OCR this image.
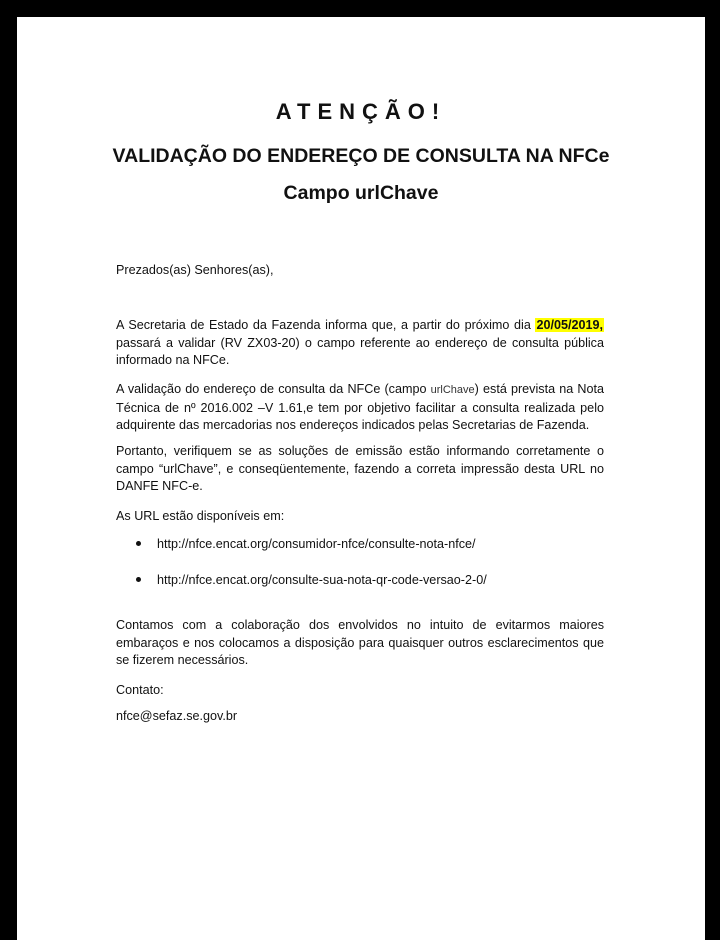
ATENÇÃO!
VALIDAÇÃO DO ENDEREÇO DE CONSULTA NA NFCe
Campo urlChave
Prezados(as) Senhores(as),
A Secretaria de Estado da Fazenda informa que, a partir do próximo dia 20/05/2019, passará a validar (RV ZX03-20) o campo referente ao endereço de consulta pública informado na NFCe.
A validação do endereço de consulta da NFCe (campo urlChave) está prevista na Nota Técnica de nº 2016.002 –V 1.61,e tem por objetivo facilitar a consulta realizada pelo adquirente das mercadorias nos endereços indicados pelas Secretarias de Fazenda.
Portanto, verifiquem se as soluções de emissão estão informando corretamente o campo “urlChave”, e conseqüentemente, fazendo a correta impressão desta URL no DANFE NFC-e.
As URL estão disponíveis em:
http://nfce.encat.org/consumidor-nfce/consulte-nota-nfce/
http://nfce.encat.org/consulte-sua-nota-qr-code-versao-2-0/
Contamos com a colaboração dos envolvidos no intuito de evitarmos maiores embaraços e nos colocamos a disposição para quaisquer outros esclarecimentos que se fizerem necessários.
Contato:
nfce@sefaz.se.gov.br
